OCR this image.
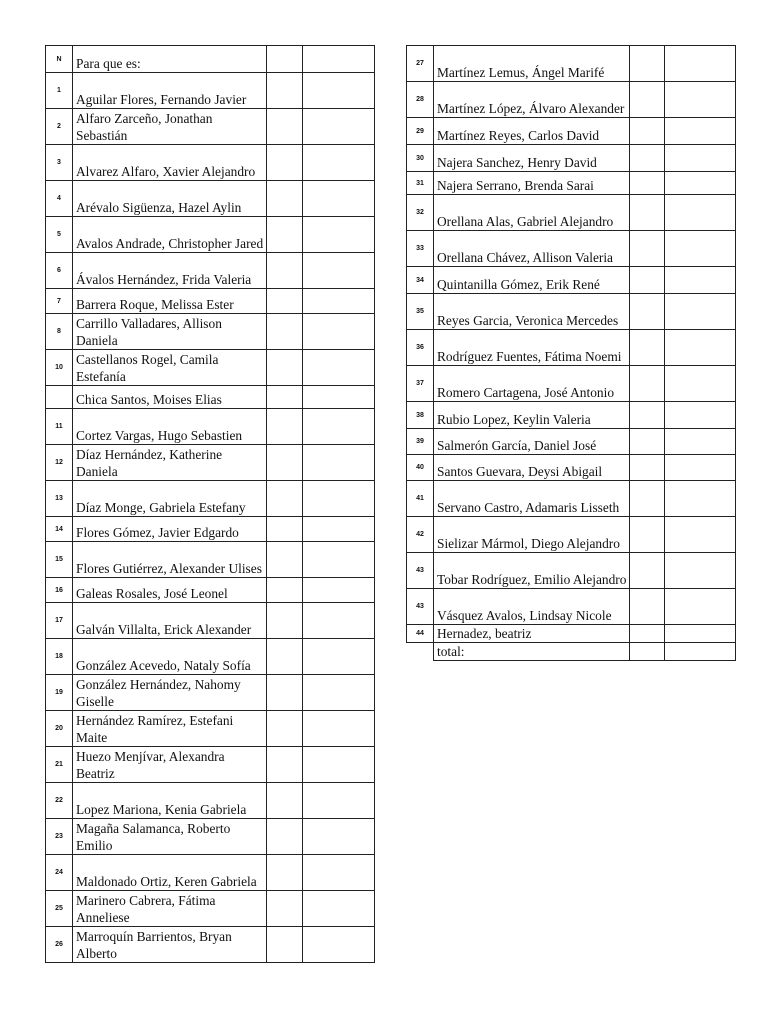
N	Para que es:		
1	Aguilar Flores, Fernando Javier		
2	Alfaro Zarceño, Jonathan Sebastián		
3	Alvarez Alfaro, Xavier Alejandro		
4	Arévalo Sigüenza, Hazel Aylin		
5	Avalos Andrade, Christopher Jared		
6	Ávalos Hernández, Frida Valeria		
7	Barrera Roque, Melissa Ester		
8	Carrillo Valladares, Allison Daniela		
10	Castellanos Rogel, Camila Estefanía		
	Chica Santos, Moises Elias		
11	Cortez Vargas, Hugo Sebastien		
12	Díaz Hernández, Katherine Daniela		
13	Díaz Monge, Gabriela Estefany		
14	Flores Gómez, Javier Edgardo		
15	Flores Gutiérrez, Alexander Ulises		
16	Galeas Rosales, José Leonel		
17	Galván Villalta, Erick Alexander		
18	González Acevedo, Nataly Sofía		
19	González Hernández, Nahomy Giselle		
20	Hernández Ramírez, Estefani Maite		
21	Huezo Menjívar, Alexandra Beatriz		
22	Lopez Mariona, Kenia Gabriela		
23	Magaña Salamanca, Roberto Emilio		
24	Maldonado Ortiz, Keren Gabriela		
25	Marinero Cabrera, Fátima Anneliese		
26	Marroquín Barrientos, Bryan Alberto		
27	Martínez Lemus, Ángel Marifé		
28	Martínez López, Álvaro Alexander		
29	Martínez Reyes, Carlos David		
30	Najera Sanchez, Henry David		
31	Najera Serrano, Brenda Sarai		
32	Orellana Alas, Gabriel Alejandro		
33	Orellana Chávez, Allison Valeria		
34	Quintanilla Gómez, Erik René		
35	Reyes Garcia, Veronica Mercedes		
36	Rodríguez Fuentes, Fátima Noemi		
37	Romero Cartagena, José Antonio		
38	Rubio Lopez, Keylin Valeria		
39	Salmerón García, Daniel José		
40	Santos Guevara, Deysi Abigail		
41	Servano Castro, Adamaris Lisseth		
42	Sielizar Mármol, Diego Alejandro		
43	Tobar Rodríguez, Emilio Alejandro		
43	Vásquez Avalos, Lindsay Nicole		
44	Hernadez, beatriz		
	total:		
